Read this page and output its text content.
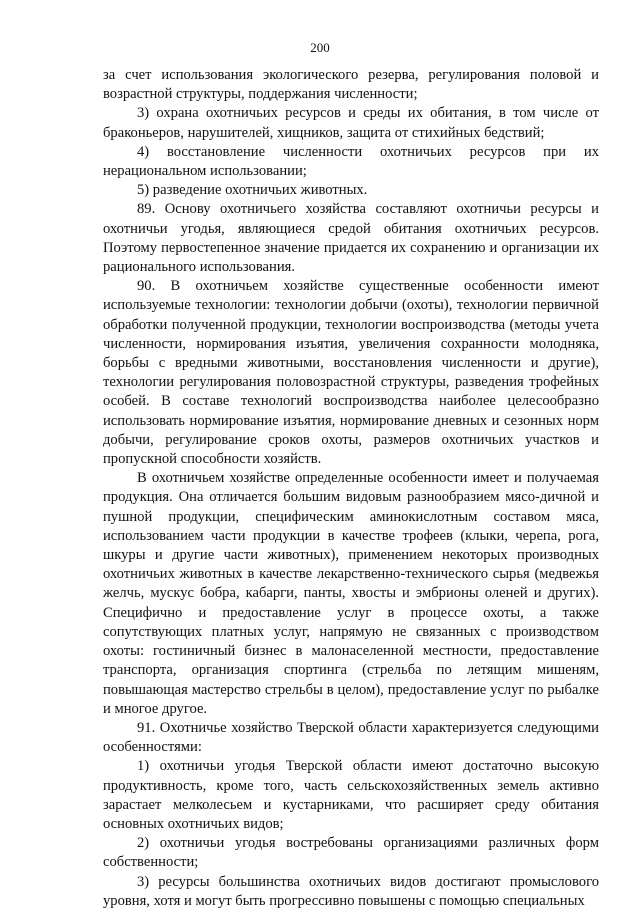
200

за счет использования экологического резерва, регулирования половой и возрастной структуры, поддержания численности;

3) охрана охотничьих ресурсов и среды их обитания, в том числе от браконьеров, нарушителей, хищников, защита от стихийных бедствий;

4) восстановление численности охотничьих ресурсов при их нерациональном использовании;

5) разведение охотничьих животных.

89. Основу охотничьего хозяйства составляют охотничьи ресурсы и охотничьи угодья, являющиеся средой обитания охотничьих ресурсов. Поэтому первостепенное значение придается их сохранению и организации их рационального использования.

90. В охотничьем хозяйстве существенные особенности имеют используемые технологии: технологии добычи (охоты), технологии первичной обработки полученной продукции, технологии воспроизводства (методы учета численности, нормирования изъятия, увеличения сохранности молодняка, борьбы с вредными животными, восстановления численности и другие), технологии регулирования половозрастной структуры, разведения трофейных особей. В составе технологий воспроизводства наиболее целесообразно использовать нормирование изъятия, нормирование дневных и сезонных норм добычи, регулирование сроков охоты, размеров охотничьих участков и пропускной способности хозяйств.

В охотничьем хозяйстве определенные особенности имеет и получаемая продукция. Она отличается большим видовым разнообразием мясо-дичной и пушной продукции, специфическим аминокислотным составом мяса, использованием части продукции в качестве трофеев (клыки, черепа, рога, шкуры и другие части животных), применением некоторых производных охотничьих животных в качестве лекарственно-технического сырья (медвежья желчь, мускус бобра, кабарги, панты, хвосты и эмбрионы оленей и других). Специфично и предоставление услуг в процессе охоты, а также сопутствующих платных услуг, напрямую не связанных с производством охоты: гостиничный бизнес в малонаселенной местности, предоставление транспорта, организация спортинга (стрельба по летящим мишеням, повышающая мастерство стрельбы в целом), предоставление услуг по рыбалке и многое другое.

91. Охотничье хозяйство Тверской области характеризуется следующими особенностями:

1) охотничьи угодья Тверской области имеют достаточно высокую продуктивность, кроме того, часть сельскохозяйственных земель активно зарастает мелколесьем и кустарниками, что расширяет среду обитания основных охотничьих видов;

2) охотничьи угодья востребованы организациями различных форм собственности;

3) ресурсы большинства охотничьих видов достигают промыслового уровня, хотя и могут быть прогрессивно повышены с помощью специальных
